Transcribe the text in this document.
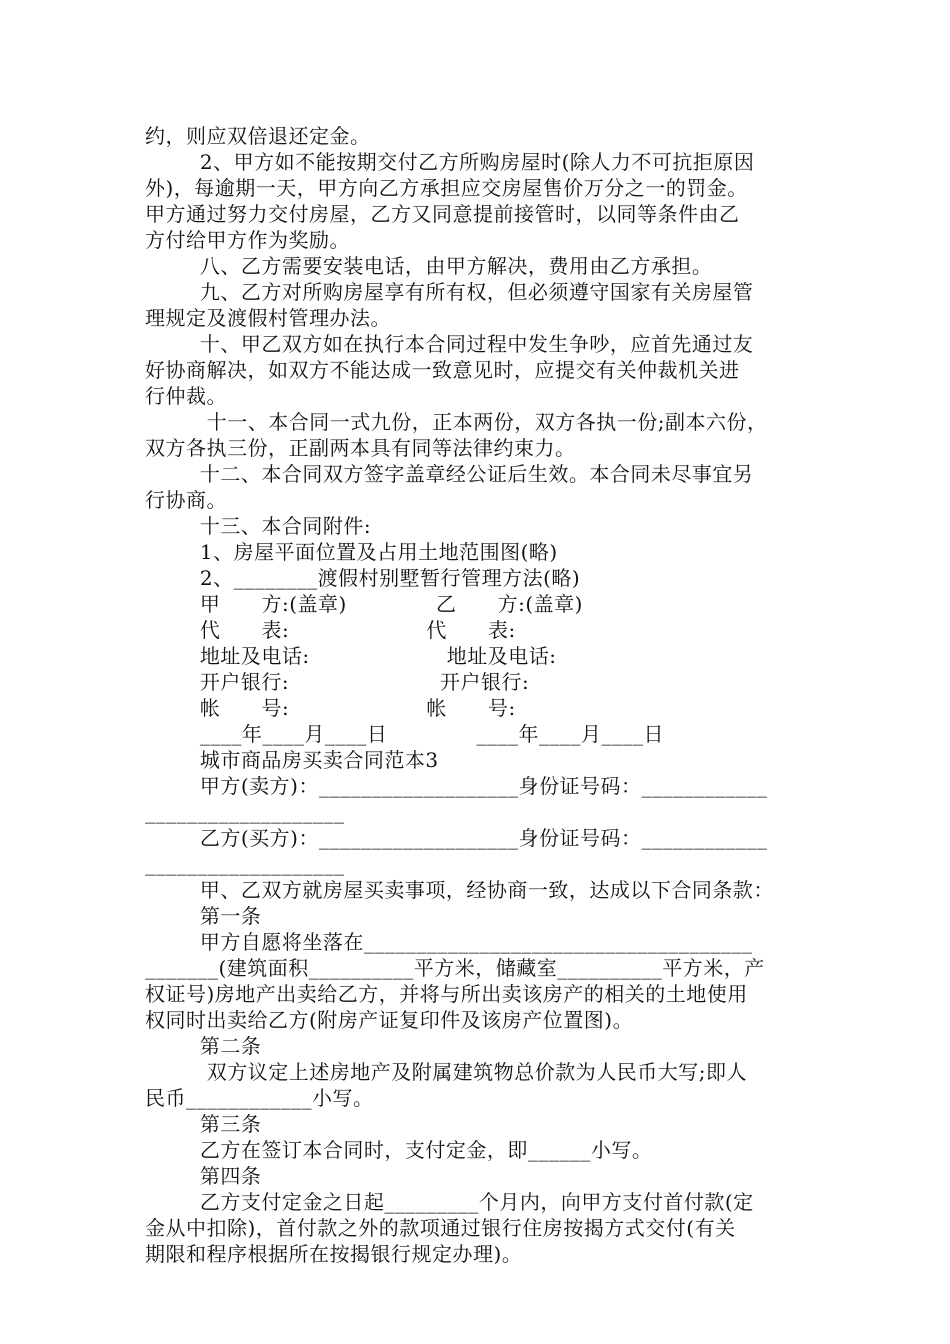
约，则应双倍退还定金。
2、甲方如不能按期交付乙方所购房屋时(除人力不可抗拒原因
外)，每逾期一天，甲方向乙方承担应交房屋售价万分之一的罚金。
甲方通过努力交付房屋，乙方又同意提前接管时，以同等条件由乙
方付给甲方作为奖励。
八、乙方需要安装电话，由甲方解决，费用由乙方承担。
九、乙方对所购房屋享有所有权，但必须遵守国家有关房屋管
理规定及渡假村管理办法。
十、甲乙双方如在执行本合同过程中发生争吵，应首先通过友
好协商解决，如双方不能达成一致意见时，应提交有关仲裁机关进
行仲裁。
十一、本合同一式九份，正本两份，双方各执一份;副本六份，
双方各执三份，正副两本具有同等法律约束力。
十二、本合同双方签字盖章经公证后生效。本合同未尽事宜另
行协商。
十三、本合同附件:
1、房屋平面位置及占用土地范围图(略)
2、________渡假村别墅暂行管理方法(略)
甲      方:(盖章)             乙      方:(盖章)
代      表:                    代      表:
地址及电话:                    地址及电话:
开户银行:                      开户银行:
帐      号:                    帐      号:
____年____月____日             ____年____月____日
城市商品房买卖合同范本3
甲方(卖方)：___________________身份证号码：____________
___________________
乙方(买方)：___________________身份证号码：____________
___________________
甲、乙双方就房屋买卖事项，经协商一致，达成以下合同条款：
第一条
甲方自愿将坐落在_____________________________________
_______(建筑面积__________平方米，储藏室__________平方米，产
权证号)房地产出卖给乙方，并将与所出卖该房产的相关的土地使用
权同时出卖给乙方(附房产证复印件及该房产位置图)。
第二条
双方议定上述房地产及附属建筑物总价款为人民币大写;即人
民币____________小写。
第三条
乙方在签订本合同时，支付定金，即______小写。
第四条
乙方支付定金之日起_________个月内，向甲方支付首付款(定
金从中扣除)，首付款之外的款项通过银行住房按揭方式交付(有关
期限和程序根据所在按揭银行规定办理)。
